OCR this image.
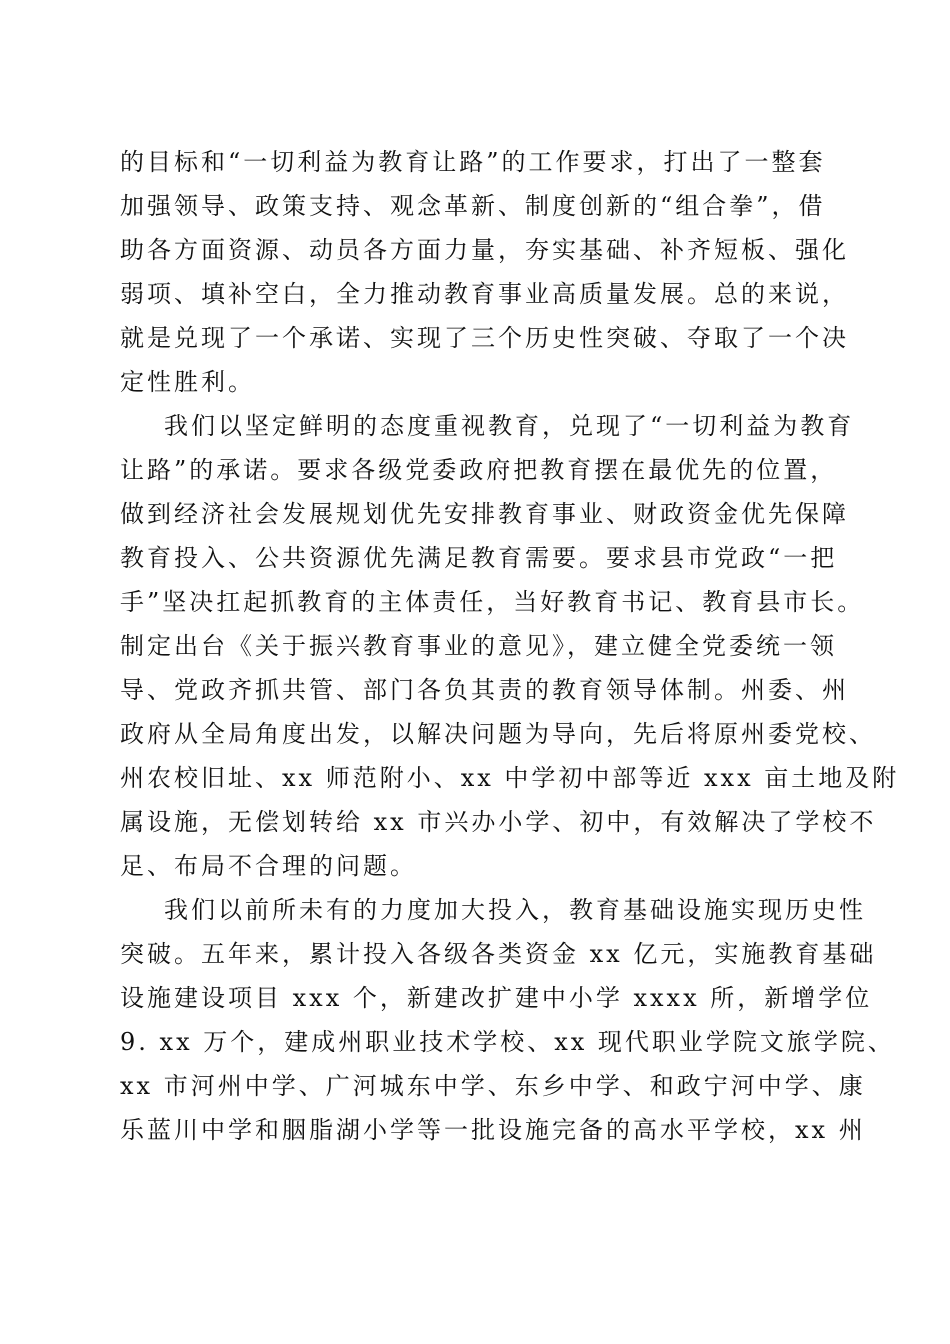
的目标和“一切利益为教育让路”的工作要求，打出了一整套
加强领导、政策支持、观念革新、制度创新的“组合拳”，借
助各方面资源、动员各方面力量，夯实基础、补齐短板、强化
弱项、填补空白，全力推动教育事业高质量发展。总的来说，
就是兑现了一个承诺、实现了三个历史性突破、夺取了一个决
定性胜利。
我们以坚定鲜明的态度重视教育，兑现了“一切利益为教育
让路”的承诺。要求各级党委政府把教育摆在最优先的位置，
做到经济社会发展规划优先安排教育事业、财政资金优先保障
教育投入、公共资源优先满足教育需要。要求县市党政“一把
手”坚决扛起抓教育的主体责任，当好教育书记、教育县市长。
制定出台《关于振兴教育事业的意见》，建立健全党委统一领
导、党政齐抓共管、部门各负其责的教育领导体制。州委、州
政府从全局角度出发，以解决问题为导向，先后将原州委党校、
州农校旧址、xx 师范附小、xx 中学初中部等近 xxx 亩土地及附
属设施，无偿划转给 xx 市兴办小学、初中，有效解决了学校不
足、布局不合理的问题。
我们以前所未有的力度加大投入，教育基础设施实现历史性
突破。五年来，累计投入各级各类资金 xx 亿元，实施教育基础
设施建设项目 xxx 个，新建改扩建中小学 xxxx 所，新增学位
9. xx 万个，建成州职业技术学校、xx 现代职业学院文旅学院、
xx 市河州中学、广河城东中学、东乡中学、和政宁河中学、康
乐蓝川中学和胭脂湖小学等一批设施完备的高水平学校，xx 州
